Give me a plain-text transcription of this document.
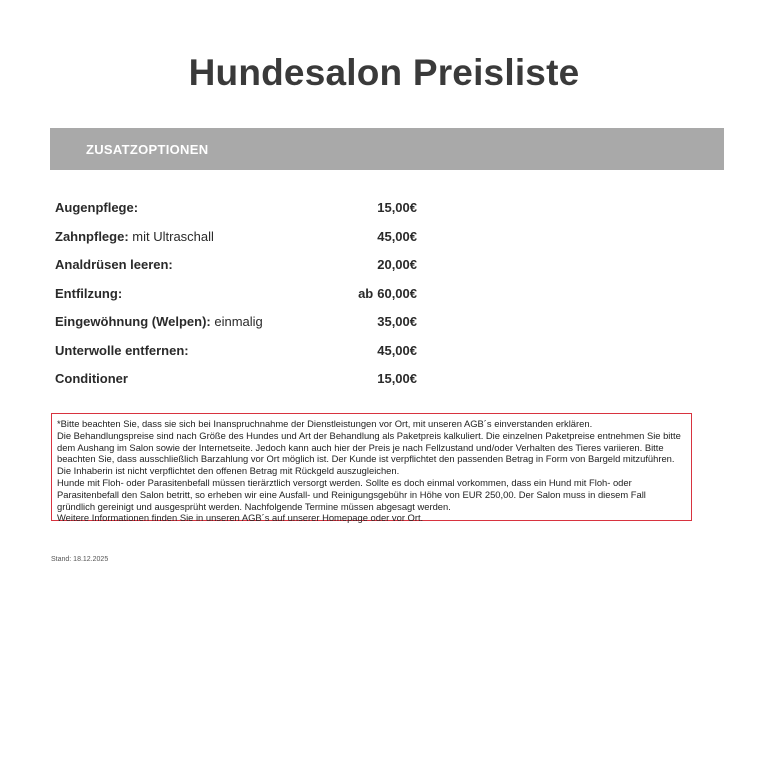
Hundesalon Preisliste
ZUSATZOPTIONEN
Augenpflege:	15,00€
Zahnpflege: mit Ultraschall	45,00€
Analdrüsen leeren:	20,00€
Entfilzung:	ab 60,00€
Eingewöhnung (Welpen): einmalig	35,00€
Unterwolle entfernen:	45,00€
Conditioner	15,00€

*Bitte beachten Sie, dass sie sich bei Inanspruchnahme der Dienstleistungen vor Ort, mit unseren AGB´s einverstanden erklären.

Die Behandlungspreise sind nach Größe des Hundes und Art der Behandlung als Paketpreis kalkuliert. Die einzelnen Paketpreise entnehmen Sie bitte dem Aushang im Salon sowie der Internetseite. Jedoch kann auch hier der Preis je nach Fellzustand und/oder Verhalten des Tieres variieren. Bitte beachten Sie, dass ausschließlich Barzahlung vor Ort möglich ist. Der Kunde ist verpflichtet den passenden Betrag in Form von Bargeld mitzuführen. Die Inhaberin ist nicht verpflichtet den offenen Betrag mit Rückgeld auszugleichen.

Hunde mit Floh- oder Parasitenbefall müssen tierärztlich versorgt werden. Sollte es doch einmal vorkommen, dass ein Hund mit Floh- oder Parasitenbefall den Salon betritt, so erheben wir eine Ausfall- und Reinigungsgebühr in Höhe von EUR 250,00. Der Salon muss in diesem Fall gründlich gereinigt und ausgesprüht werden. Nachfolgende Termine müssen abgesagt werden.

Weitere Informationen finden Sie in unseren AGB´s auf unserer Homepage oder vor Ort.

Stand: 18.12.2025
